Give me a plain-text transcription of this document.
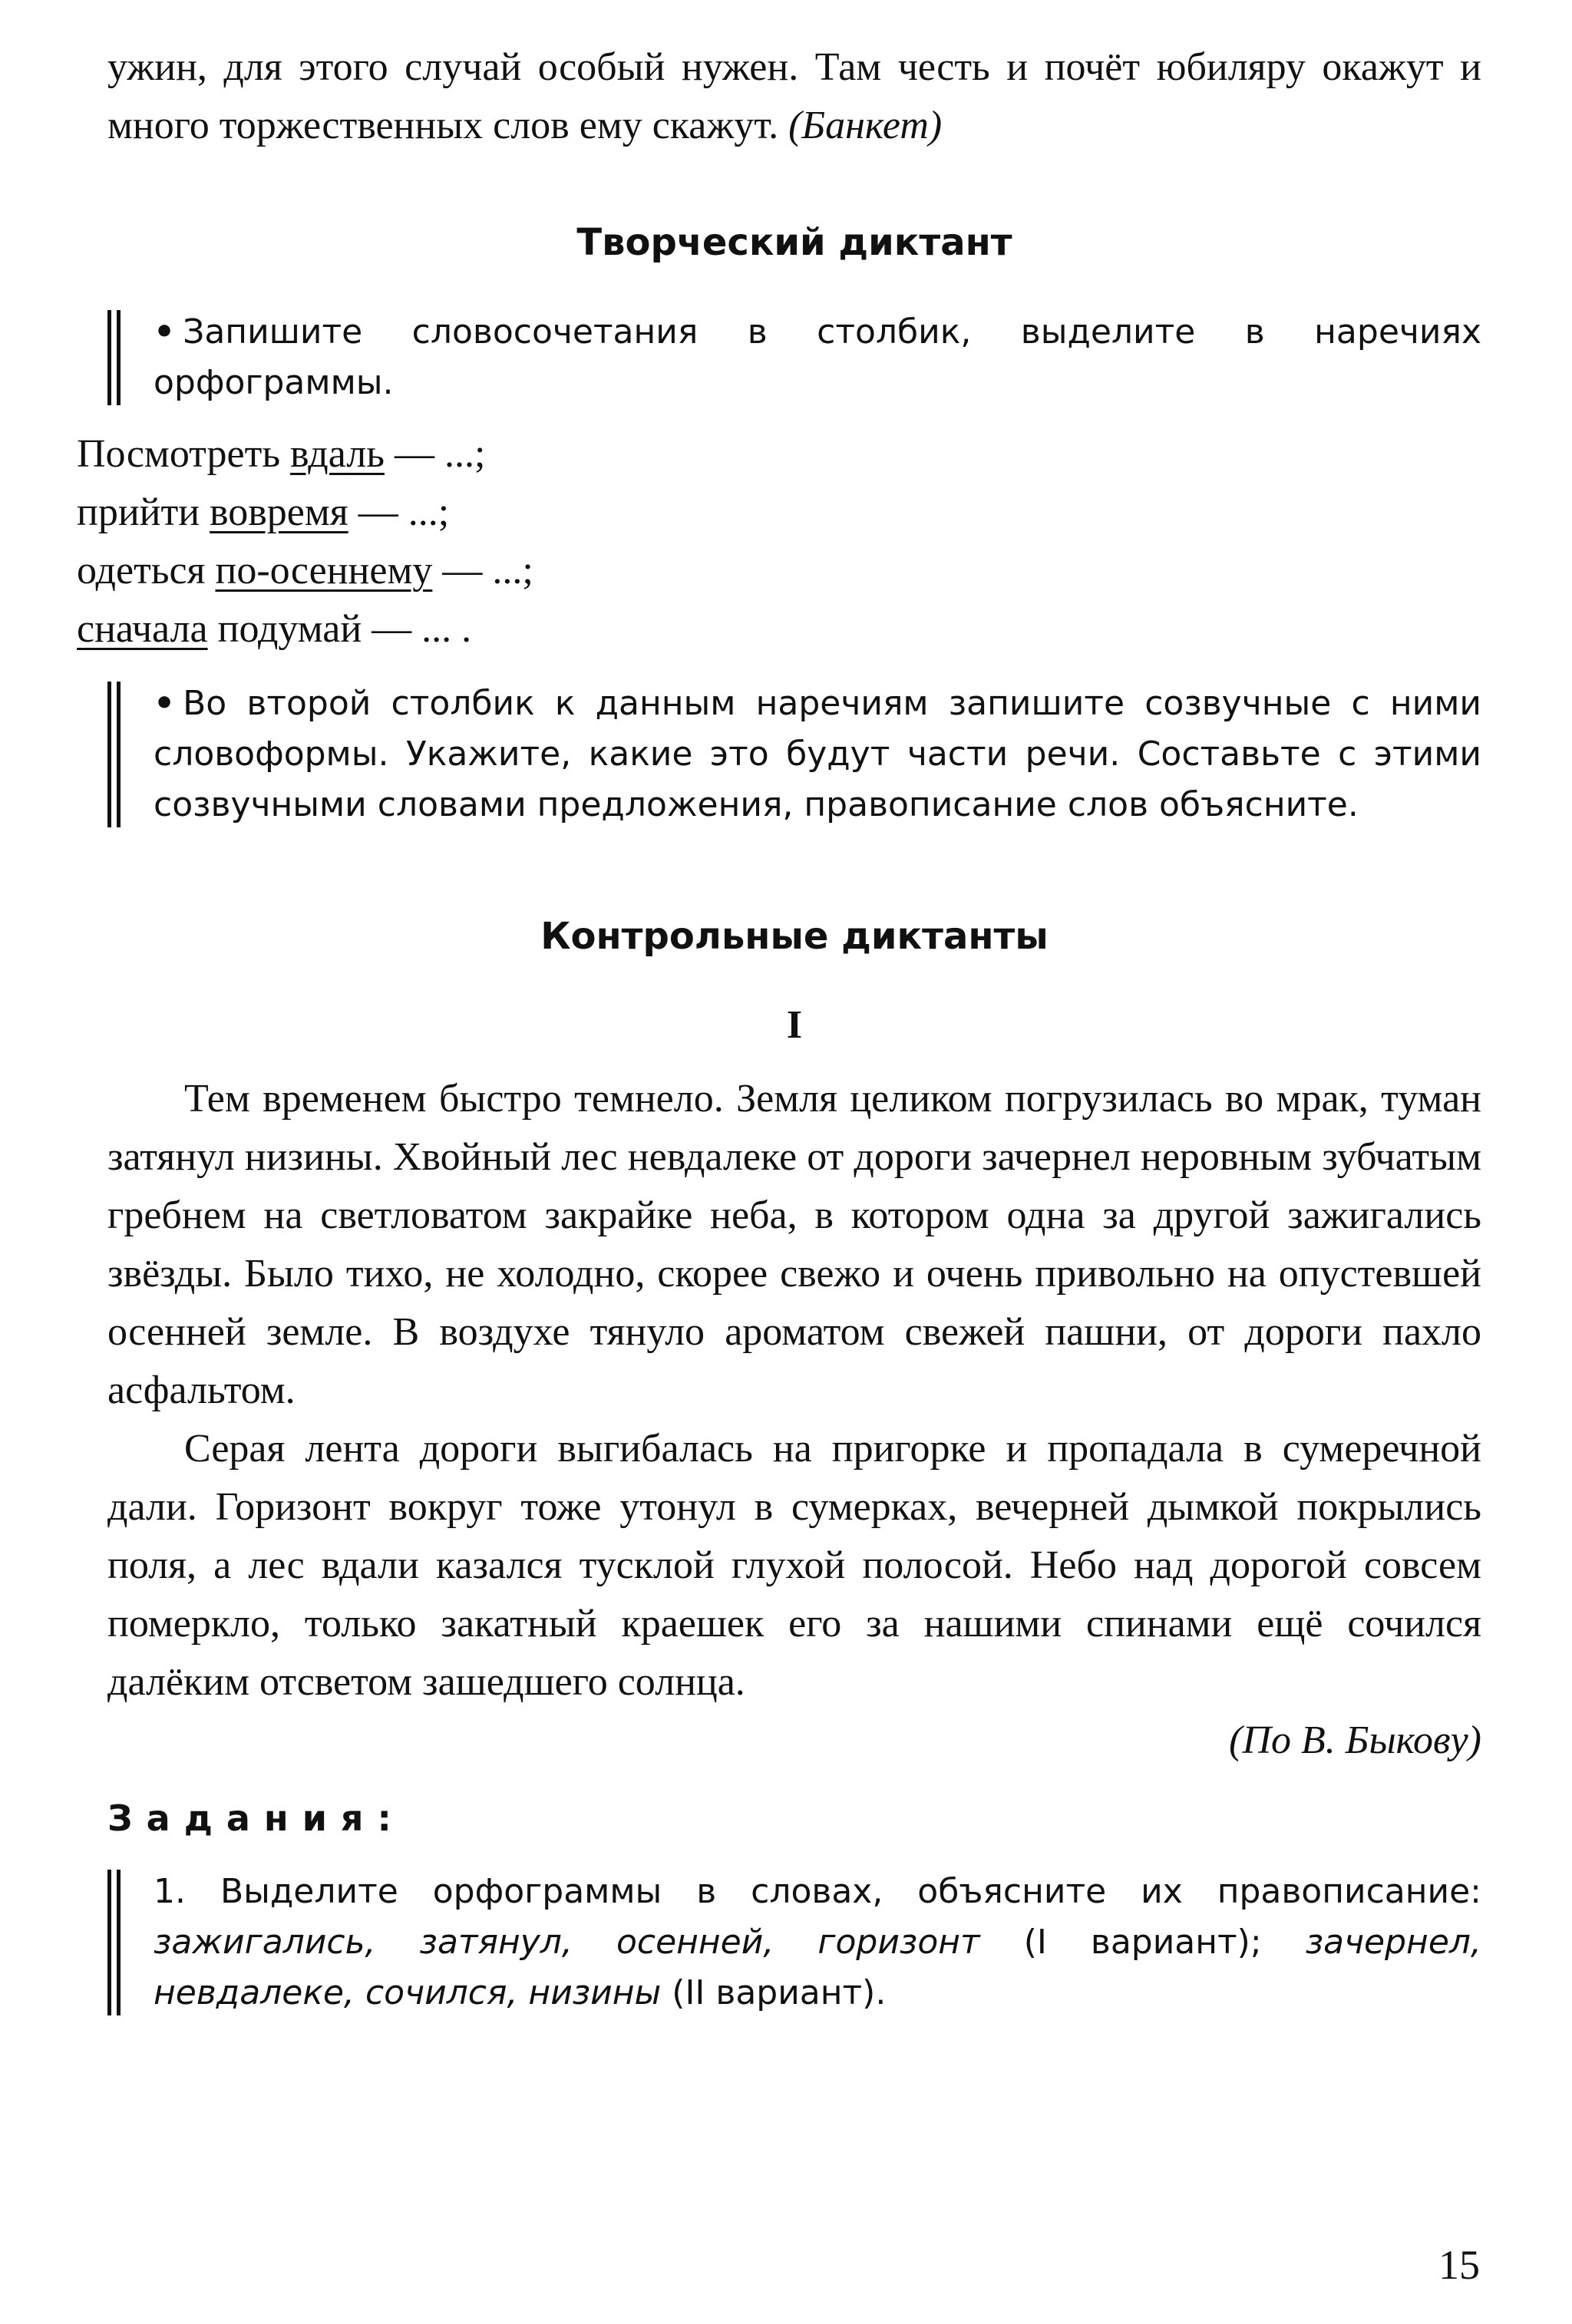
ужин, для этого случай особый нужен. Там честь и почёт юбиляру окажут и много торжественных слов ему скажут. (Банкет)

Творческий диктант
• Запишите словосочетания в столбик, выделите в наречиях орфограммы.

Посмотреть вдаль — ...;

прийти вовремя — ...;

одеться по-осеннему — ...;

сначала подумай — ... .

• Во второй столбик к данным наречиям запишите созвучные с ними словоформы. Укажите, какие это будут части речи. Составьте с этими созвучными словами предложения, правописание слов объясните.
Контрольные диктанты

I

Тем временем быстро темнело. Земля целиком погрузилась во мрак, туман затянул низины. Хвойный лес невдалеке от дороги зачернел неровным зубчатым гребнем на светловатом закрайке неба, в котором одна за другой зажигались звёзды. Было тихо, не холодно, скорее свежо и очень привольно на опустевшей осенней земле. В воздухе тянуло ароматом свежей пашни, от дороги пахло асфальтом.

Серая лента дороги выгибалась на пригорке и пропадала в сумеречной дали. Горизонт вокруг тоже утонул в сумерках, вечерней дымкой покрылись поля, а лес вдали казался тусклой глухой полосой. Небо над дорогой совсем померкло, только закатный краешек его за нашими спинами ещё сочился далёким отсветом зашедшего солнца.

(По В. Быкову)

Задания:

1. Выделите орфограммы в словах, объясните их правописание: зажигались, затянул, осенней, горизонт (I вариант); зачернел, невдалеке, сочился, низины (II вариант).
15
